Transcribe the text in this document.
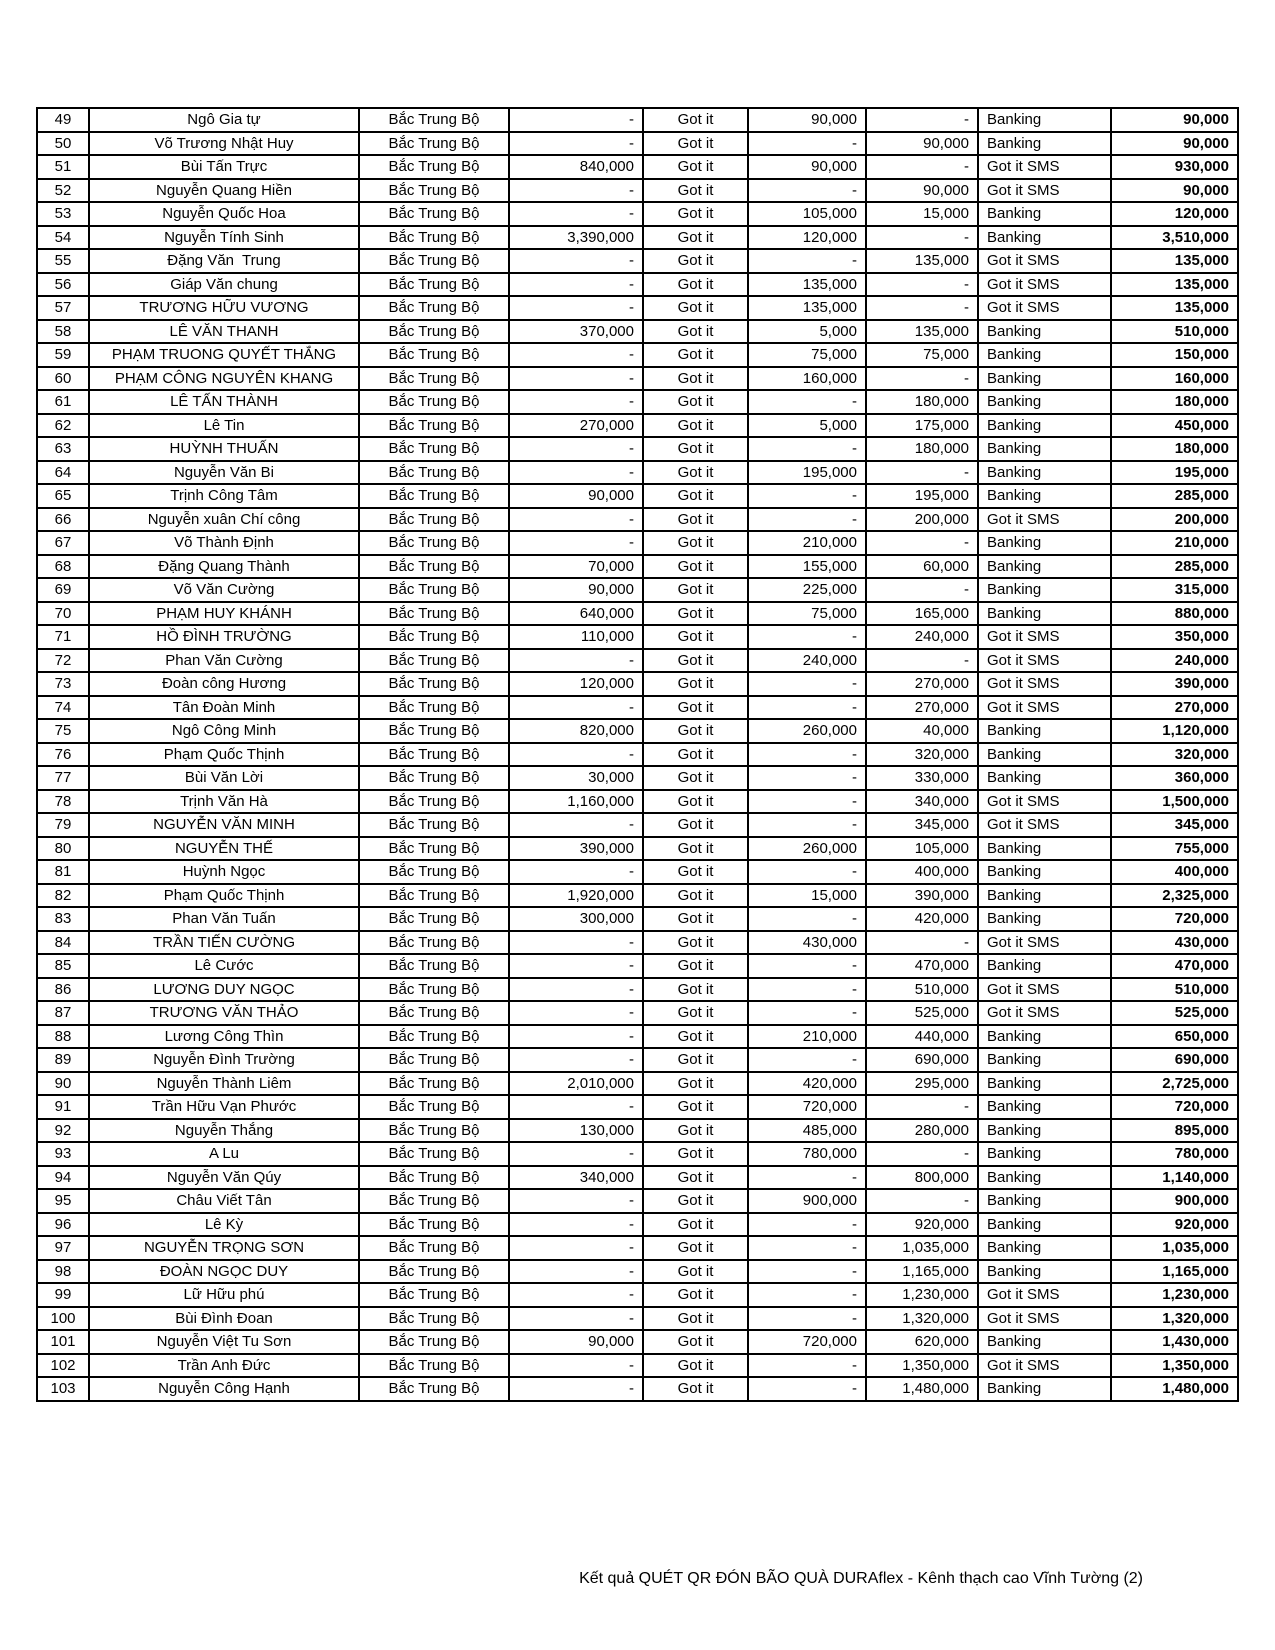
49	Ngô Gia tự	Bắc Trung Bộ	-	Got it	90,000	-	Banking	90,000
50	Võ Trương Nhật Huy	Bắc Trung Bộ	-	Got it	-	90,000	Banking	90,000
51	Bùi Tấn Trực	Bắc Trung Bộ	840,000	Got it	90,000	-	Got it SMS	930,000
52	Nguyễn Quang Hiền	Bắc Trung Bộ	-	Got it	-	90,000	Got it SMS	90,000
53	Nguyễn Quốc Hoa	Bắc Trung Bộ	-	Got it	105,000	15,000	Banking	120,000
54	Nguyễn Tính Sinh	Bắc Trung Bộ	3,390,000	Got it	120,000	-	Banking	3,510,000
55	Đặng Văn  Trung	Bắc Trung Bộ	-	Got it	-	135,000	Got it SMS	135,000
56	Giáp Văn chung	Bắc Trung Bộ	-	Got it	135,000	-	Got it SMS	135,000
57	TRƯƠNG HỮU VƯƠNG	Bắc Trung Bộ	-	Got it	135,000	-	Got it SMS	135,000
58	LÊ VĂN THANH	Bắc Trung Bộ	370,000	Got it	5,000	135,000	Banking	510,000
59	PHẠM TRUONG QUYẾT THẮNG	Bắc Trung Bộ	-	Got it	75,000	75,000	Banking	150,000
60	PHẠM CÔNG NGUYÊN KHANG	Bắc Trung Bộ	-	Got it	160,000	-	Banking	160,000
61	LÊ TẤN THÀNH	Bắc Trung Bộ	-	Got it	-	180,000	Banking	180,000
62	Lê Tin	Bắc Trung Bộ	270,000	Got it	5,000	175,000	Banking	450,000
63	HUỲNH THUẤN	Bắc Trung Bộ	-	Got it	-	180,000	Banking	180,000
64	Nguyễn Văn Bi	Bắc Trung Bộ	-	Got it	195,000	-	Banking	195,000
65	Trịnh Công Tâm	Bắc Trung Bộ	90,000	Got it	-	195,000	Banking	285,000
66	Nguyễn xuân Chí công	Bắc Trung Bộ	-	Got it	-	200,000	Got it SMS	200,000
67	Võ Thành Định	Bắc Trung Bộ	-	Got it	210,000	-	Banking	210,000
68	Đặng Quang Thành	Bắc Trung Bộ	70,000	Got it	155,000	60,000	Banking	285,000
69	Võ Văn Cường	Bắc Trung Bộ	90,000	Got it	225,000	-	Banking	315,000
70	PHẠM HUY KHÁNH	Bắc Trung Bộ	640,000	Got it	75,000	165,000	Banking	880,000
71	HỒ ĐÌNH TRƯỜNG	Bắc Trung Bộ	110,000	Got it	-	240,000	Got it SMS	350,000
72	Phan Văn Cường	Bắc Trung Bộ	-	Got it	240,000	-	Got it SMS	240,000
73	Đoàn công Hương	Bắc Trung Bộ	120,000	Got it	-	270,000	Got it SMS	390,000
74	Tân Đoàn Minh	Bắc Trung Bộ	-	Got it	-	270,000	Got it SMS	270,000
75	Ngô Công Minh	Bắc Trung Bộ	820,000	Got it	260,000	40,000	Banking	1,120,000
76	Phạm Quốc Thịnh	Bắc Trung Bộ	-	Got it	-	320,000	Banking	320,000
77	Bùi Văn Lời	Bắc Trung Bộ	30,000	Got it	-	330,000	Banking	360,000
78	Trịnh Văn Hà	Bắc Trung Bộ	1,160,000	Got it	-	340,000	Got it SMS	1,500,000
79	NGUYỄN VĂN MINH	Bắc Trung Bộ	-	Got it	-	345,000	Got it SMS	345,000
80	NGUYỄN THẾ	Bắc Trung Bộ	390,000	Got it	260,000	105,000	Banking	755,000
81	Huỳnh Ngọc	Bắc Trung Bộ	-	Got it	-	400,000	Banking	400,000
82	Phạm Quốc Thịnh	Bắc Trung Bộ	1,920,000	Got it	15,000	390,000	Banking	2,325,000
83	Phan Văn Tuấn	Bắc Trung Bộ	300,000	Got it	-	420,000	Banking	720,000
84	TRẦN TIẾN CƯỜNG	Bắc Trung Bộ	-	Got it	430,000	-	Got it SMS	430,000
85	Lê Cước	Bắc Trung Bộ	-	Got it	-	470,000	Banking	470,000
86	LƯƠNG DUY NGỌC	Bắc Trung Bộ	-	Got it	-	510,000	Got it SMS	510,000
87	TRƯƠNG VĂN THẢO	Bắc Trung Bộ	-	Got it	-	525,000	Got it SMS	525,000
88	Lương Công Thìn	Bắc Trung Bộ	-	Got it	210,000	440,000	Banking	650,000
89	Nguyễn Đình Trường	Bắc Trung Bộ	-	Got it	-	690,000	Banking	690,000
90	Nguyễn Thành Liêm	Bắc Trung Bộ	2,010,000	Got it	420,000	295,000	Banking	2,725,000
91	Trần Hữu Vạn Phước	Bắc Trung Bộ	-	Got it	720,000	-	Banking	720,000
92	Nguyễn Thắng	Bắc Trung Bộ	130,000	Got it	485,000	280,000	Banking	895,000
93	A Lu	Bắc Trung Bộ	-	Got it	780,000	-	Banking	780,000
94	Nguyễn Văn Qúy	Bắc Trung Bộ	340,000	Got it	-	800,000	Banking	1,140,000
95	Châu Viết Tân	Bắc Trung Bộ	-	Got it	900,000	-	Banking	900,000
96	Lê Kỳ	Bắc Trung Bộ	-	Got it	-	920,000	Banking	920,000
97	NGUYỄN TRỌNG SƠN	Bắc Trung Bộ	-	Got it	-	1,035,000	Banking	1,035,000
98	ĐOÀN NGỌC DUY	Bắc Trung Bộ	-	Got it	-	1,165,000	Banking	1,165,000
99	Lữ Hữu phú	Bắc Trung Bộ	-	Got it	-	1,230,000	Got it SMS	1,230,000
100	Bùi Đình Đoan	Bắc Trung Bộ	-	Got it	-	1,320,000	Got it SMS	1,320,000
101	Nguyễn Việt Tu Sơn	Bắc Trung Bộ	90,000	Got it	720,000	620,000	Banking	1,430,000
102	Trần Anh Đức	Bắc Trung Bộ	-	Got it	-	1,350,000	Got it SMS	1,350,000
103	Nguyễn Công Hạnh	Bắc Trung Bộ	-	Got it	-	1,480,000	Banking	1,480,000
Kết quả QUÉT QR ĐÓN BÃO QUÀ DURAflex - Kênh thạch cao Vĩnh Tường (2)
